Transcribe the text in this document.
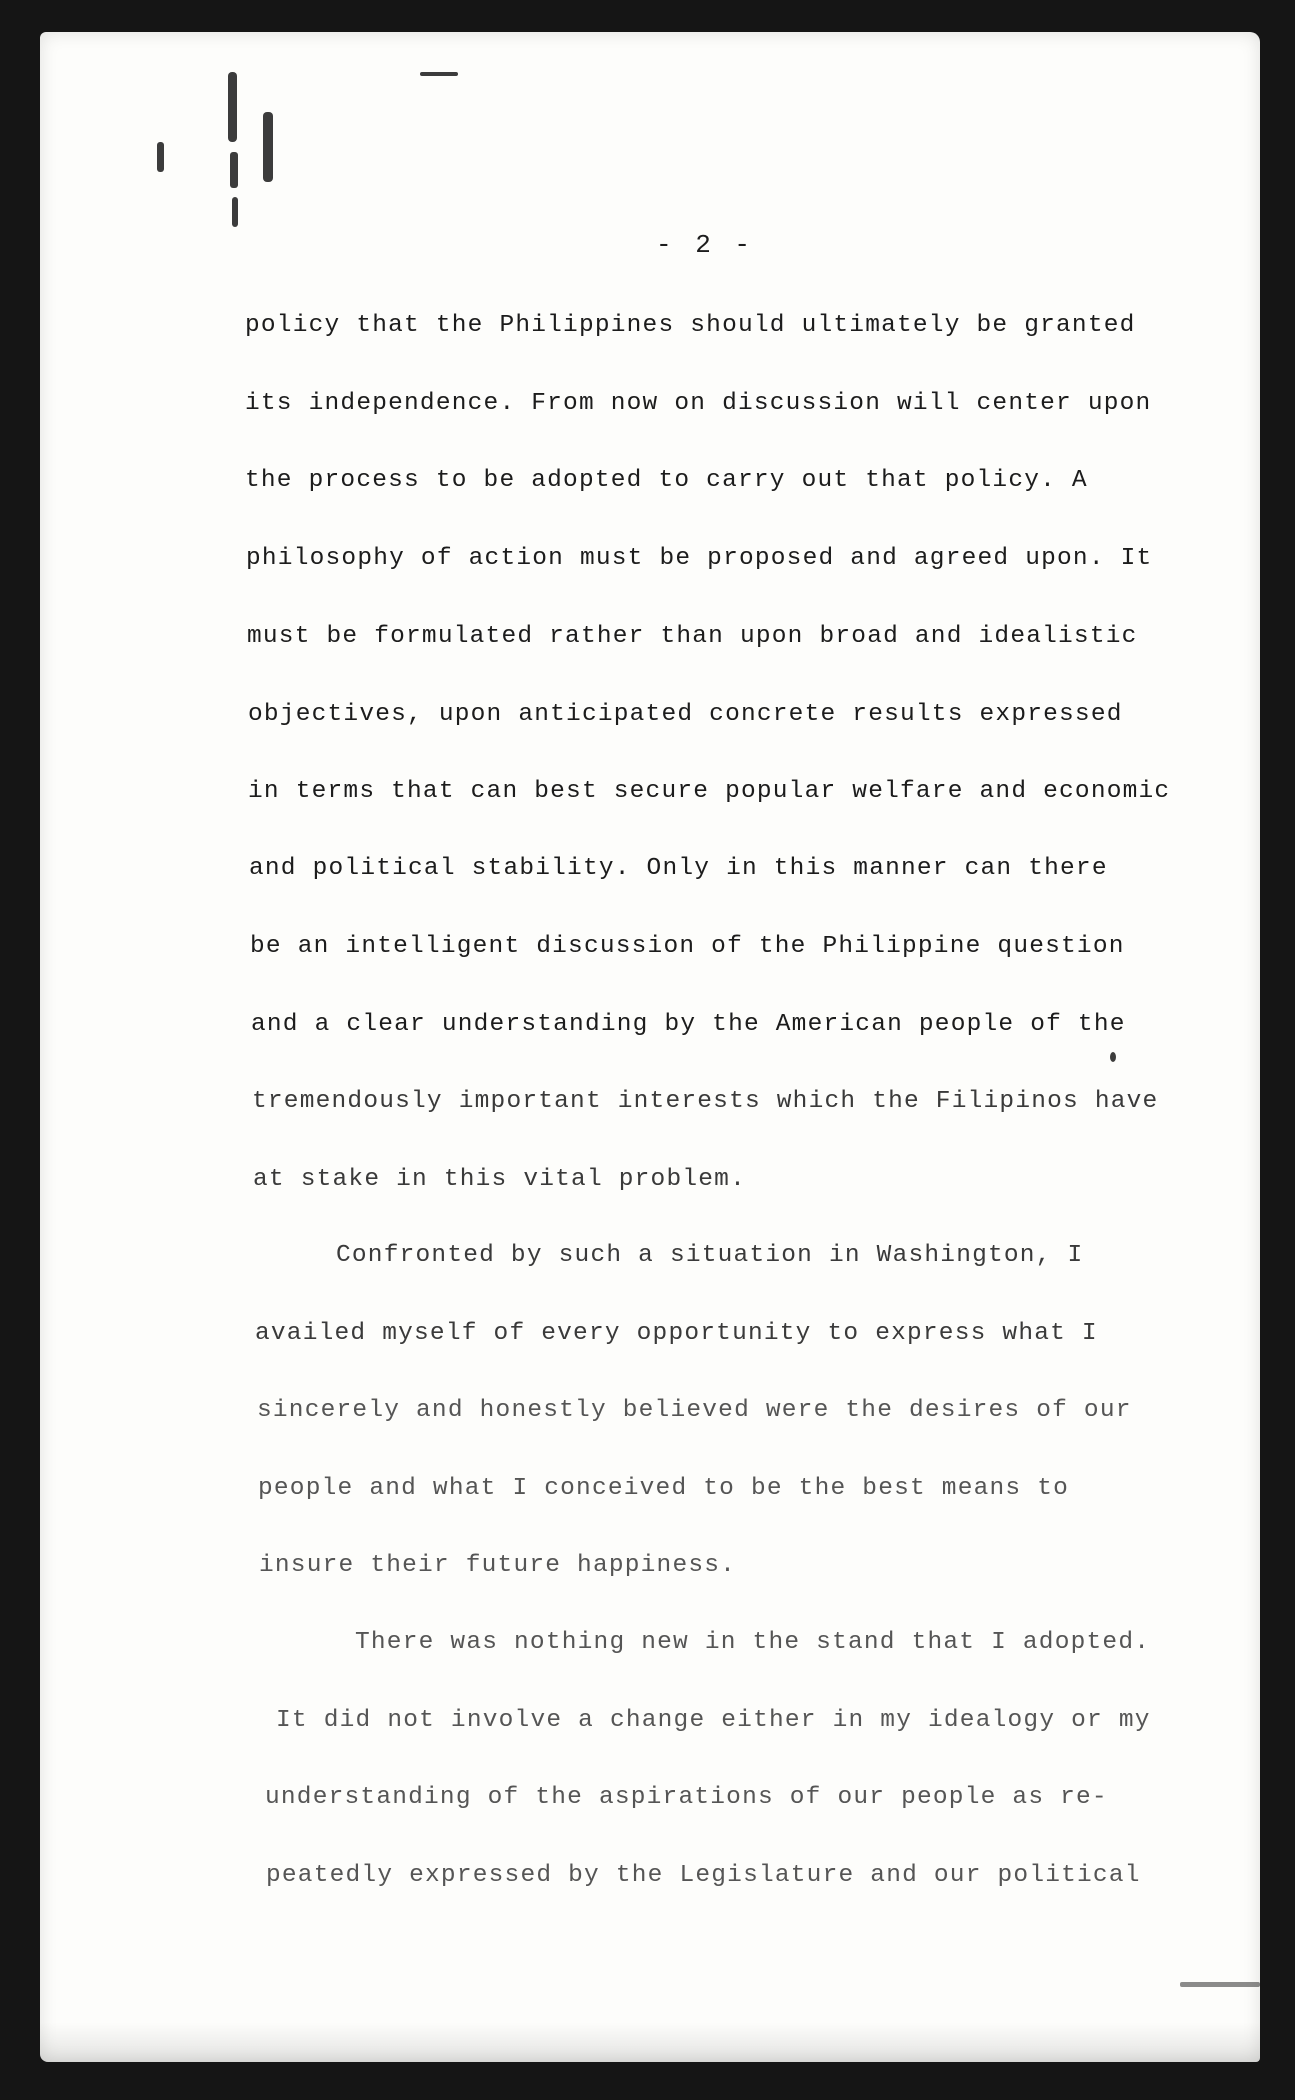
- 2 -
policy that the Philippines should ultimately be granted
its independence. From now on discussion will center upon
the process to be adopted to carry out that policy. A
philosophy of action must be proposed and agreed upon. It
must be formulated rather than upon broad and idealistic
objectives, upon anticipated concrete results expressed
in terms that can best secure popular welfare and economic
and political stability. Only in this manner can there
be an intelligent discussion of the Philippine question
and a clear understanding by the American people of the
tremendously important interests which the Filipinos have
at stake in this vital problem.
Confronted by such a situation in Washington, I
availed myself of every opportunity to express what I
sincerely and honestly believed were the desires of our
people and what I conceived to be the best means to
insure their future happiness.
There was nothing new in the stand that I adopted.
It did not involve a change either in my idealogy or my
understanding of the aspirations of our people as re-
peatedly expressed by the Legislature and our political
